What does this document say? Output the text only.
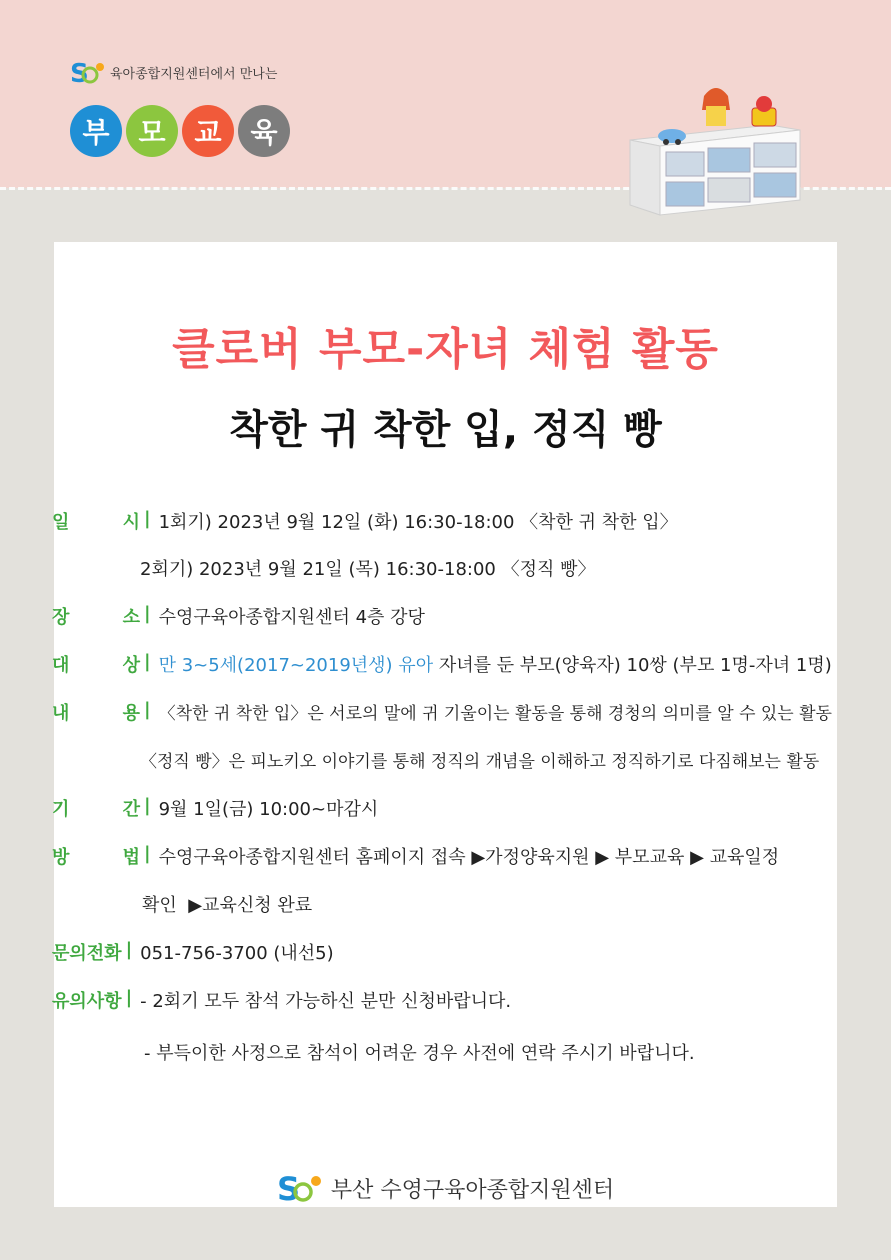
S 육아종합지원센터에서 만나는
부 모 교 육
클로버 부모-자녀 체험 활동
착한 귀 착한 입, 정직 빵
일	시 | 1회기) 2023년 9월 12일 (화) 16:30-18:00 〈착한 귀 착한 입〉
2회기) 2023년 9월 21일 (목) 16:30-18:00 〈정직 빵〉
장	소 | 수영구육아종합지원센터 4층 강당
대	상 | 만 3~5세(2017~2019년생) 유아 자녀를 둔 부모(양육자) 10쌍 (부모 1명-자녀 1명)
내	용 | 〈착한 귀 착한 입〉은 서로의 말에 귀 기울이는 활동을 통해 경청의 의미를 알 수 있는 활동
〈정직 빵〉은 피노키오 이야기를 통해 정직의 개념을 이해하고 정직하기로 다짐해보는 활동
기	간 | 9월 1일(금) 10:00~마감시
방	법 | 수영구육아종합지원센터 홈페이지 접속 ▶가정양육지원 ▶ 부모교육 ▶ 교육일정
확인  ▶교육신청 완료
문의전화 | 051-756-3700 (내선5)
유의사항 | - 2회기 모두 참석 가능하신 분만 신청바랍니다.
- 부득이한 사정으로 참석이 어려운 경우 사전에 연락 주시기 바랍니다.
S 부산 수영구육아종합지원센터
